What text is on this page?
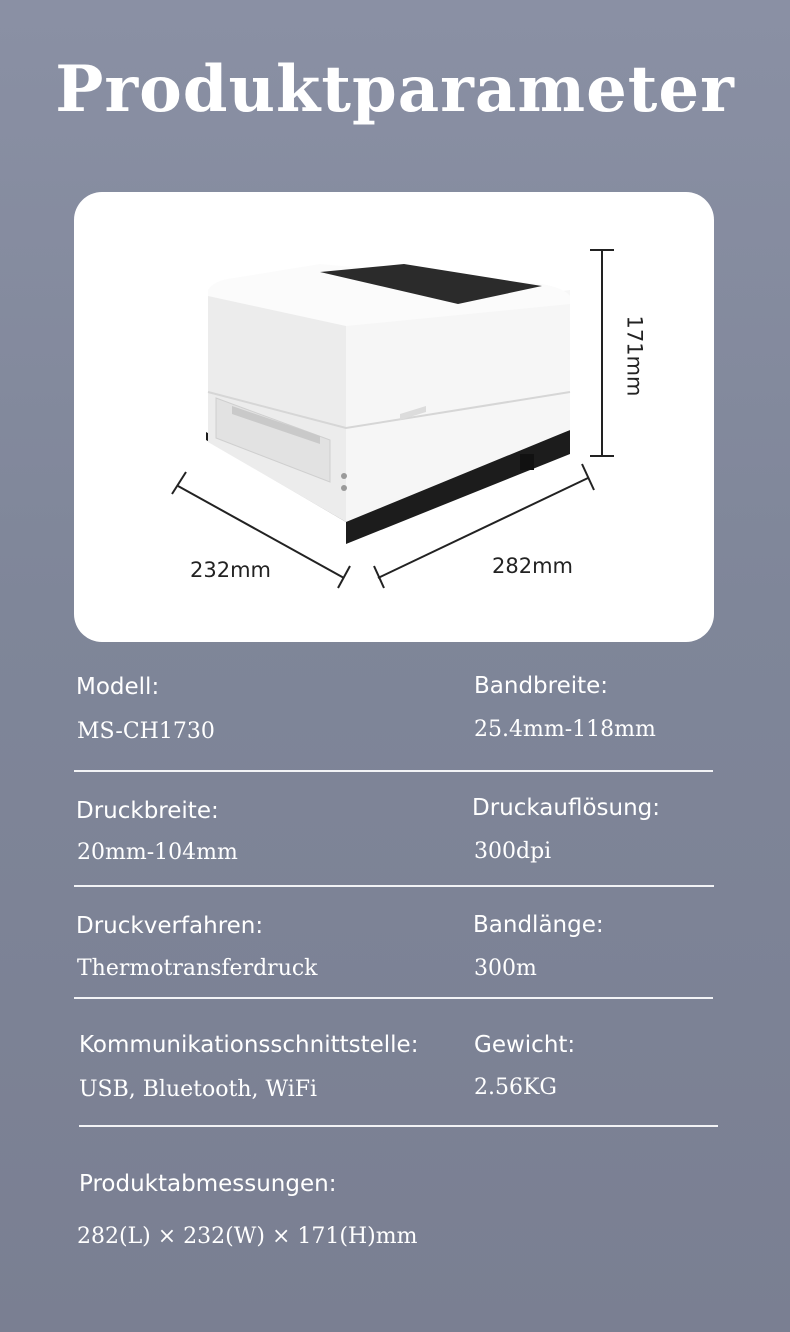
Produktparameter
232mm	282mm
171mm
Modell:
MS-CH1730
Bandbreite:
25.4mm-118mm
Druckbreite:
20mm-104mm
Druckauflösung:
300dpi
Druckverfahren:
Thermotransferdruck
Bandlänge:
300m
Kommunikationsschnittstelle:
USB, Bluetooth, WiFi
Gewicht:
2.56KG
Produktabmessungen:
282(L) × 232(W) × 171(H)mm
